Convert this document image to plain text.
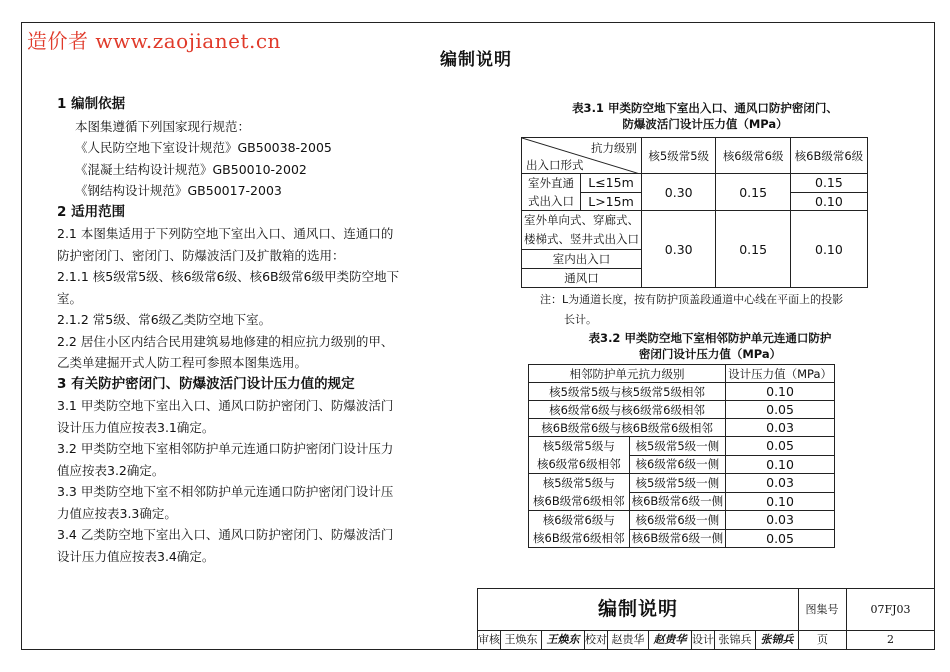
造价者 www.zaojianet.cn
编制说明
1 编制依据
本图集遵循下列国家现行规范：
《人民防空地下室设计规范》GB50038-2005
《混凝土结构设计规范》GB50010-2002
《钢结构设计规范》GB50017-2003
2 适用范围
2.1 本图集适用于下列防空地下室出入口、通风口、连通口的
防护密闭门、密闭门、防爆波活门及扩散箱的选用：
2.1.1 核5级常5级、核6级常6级、核6B级常6级甲类防空地下
室。
2.1.2 常5级、常6级乙类防空地下室。
2.2 居住小区内结合民用建筑易地修建的相应抗力级别的甲、
乙类单建掘开式人防工程可参照本图集选用。
3 有关防护密闭门、防爆波活门设计压力值的规定
3.1 甲类防空地下室出入口、通风口防护密闭门、防爆波活门
设计压力值应按表3.1确定。
3.2 甲类防空地下室相邻防护单元连通口防护密闭门设计压力
值应按表3.2确定。
3.3 甲类防空地下室不相邻防护单元连通口防护密闭门设计压
力值应按表3.3确定。
3.4 乙类防空地下室出入口、通风口防护密闭门、防爆波活门
设计压力值应按表3.4确定。
表3.1 甲类防空地下室出入口、通风口防护密闭门、
防爆波活门设计压力值（MPa）
抗力级别
出入口形式		核5级常5级	核6级常6级	核6B级常6级

室外直通
式出入口	L≤15m	0.30	0.15	0.15
	L>15m			0.10

室外单向式、穿廊式、
楼梯式、竖井式出入口		0.30	0.15	0.10
室内出入口				
通风口				
注：L为通道长度，按有防护顶盖段通道中心线在平面上的投影
长计。
表3.2 甲类防空地下室相邻防护单元连通口防护
密闭门设计压力值（MPa）
相邻防护单元抗力级别		设计压力值（MPa）
核5级常5级与核5级常5级相邻		0.10
核6级常6级与核6级常6级相邻		0.05
核6B级常6级与核6B级常6级相邻		0.03

核5级常5级与
核6级常6级相邻	核5级常5级一侧	0.05
	核6级常6级一侧	0.10

核5级常5级与
核6B级常6级相邻	核5级常5级一侧	0.03
	核6B级常6级一侧	0.10

核6级常6级与
核6B级常6级相邻	核6级常6级一侧	0.03
	核6B级常6级一侧	0.05
编制说明	图集号	07FJ03
审核 王焕东 王焕东 校对 赵贵华 赵贵华 设计 张锦兵 张锦兵	页	2
